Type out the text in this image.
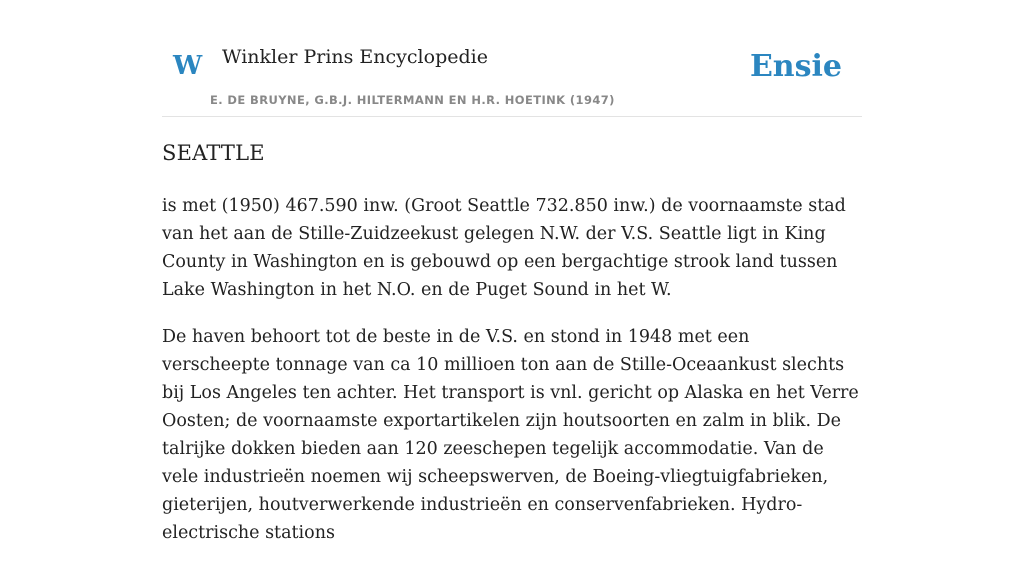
W Winkler Prins Encyclopedie
E. DE BRUYNE, G.B.J. HILTERMANN EN H.R. HOETINK (1947)
Ensie
SEATTLE

is met (1950) 467.590 inw. (Groot Seattle 732.850 inw.) de voornaamste stad van het aan de Stille-Zuidzeekust gelegen N.W. der V.S. Seattle ligt in King County in Washington en is gebouwd op een bergachtige strook land tussen Lake Washington in het N.O. en de Puget Sound in het W.

De haven behoort tot de beste in de V.S. en stond in 1948 met een verscheepte tonnage van ca 10 millioen ton aan de Stille-Oceaankust slechts bij Los Angeles ten achter. Het transport is vnl. gericht op Alaska en het Verre Oosten; de voornaamste exportartikelen zijn houtsoorten en zalm in blik. De talrijke dokken bieden aan 120 zeeschepen tegelijk accommodatie. Van de vele industrieën noemen wij scheepswerven, de Boeing-vliegtuigfabrieken, gieterijen, houtverwerkende industrieën en conservenfabrieken. Hydro-electrische stations
